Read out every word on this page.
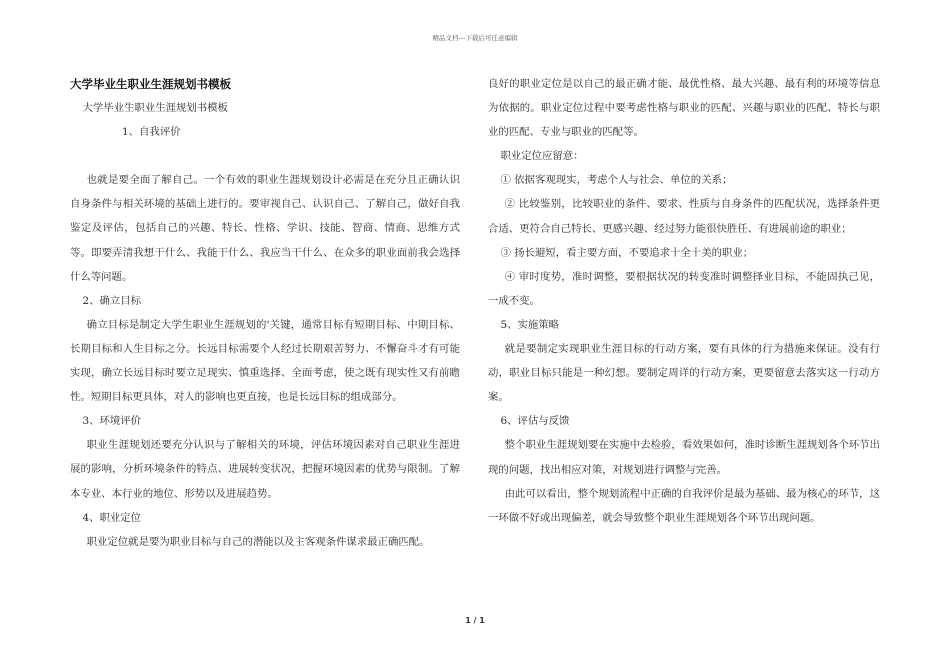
精品文档---下载后可任意编辑

大学毕业生职业生涯规划书模板

大学毕业生职业生涯规划书模板

1、自我评价

也就是要全面了解自己。一个有效的职业生涯规划设计必需是在充分且正确认识自身条件与相关环境的基础上进行的。要审视自己、认识自己、了解自己，做好自我鉴定及评估，包括自己的兴趣、特长、性格、学识、技能、智商、情商、思维方式等。即要弄清我想干什么、我能干什么、我应当干什么、在众多的职业面前我会选择什么等问题。

2、确立目标

确立目标是制定大学生职业生涯规划的'关键，通常目标有短期目标、中期目标、长期目标和人生目标之分。长远目标需要个人经过长期艰苦努力、不懈奋斗才有可能实现，确立长远目标时要立足现实、慎重选择、全面考虑，使之既有现实性又有前瞻性。短期目标更具体，对人的影响也更直接，也是长远目标的组成部分。

3、环境评价

职业生涯规划还要充分认识与了解相关的环境，评估环境因素对自己职业生涯进展的影响，分析环境条件的特点、进展转变状况，把握环境因素的优势与限制。了解本专业、本行业的地位、形势以及进展趋势。

4、职业定位

职业定位就是要为职业目标与自己的潜能以及主客观条件谋求最正确匹配。

良好的职业定位是以自己的最正确才能、最优性格、最大兴趣、最有利的环境等信息为依据的。职业定位过程中要考虑性格与职业的匹配、兴趣与职业的匹配、特长与职业的匹配、专业与职业的匹配等。

职业定位应留意：

① 依据客观现实，考虑个人与社会、单位的关系；

② 比较鉴别，比较职业的条件、要求、性质与自身条件的匹配状况，选择条件更合适、更符合自己特长、更感兴趣、经过努力能很快胜任、有进展前途的职业；

③ 扬长避短，看主要方面，不要追求十全十美的职业；

④ 审时度势，准时调整，要根据状况的转变准时调整择业目标，不能固执己见，一成不变。

5、实施策略

就是要制定实现职业生涯目标的行动方案，要有具体的行为措施来保证。没有行动，职业目标只能是一种幻想。要制定周详的行动方案，更要留意去落实这一行动方案。

6、评估与反馈

整个职业生涯规划要在实施中去检验，看效果如何，准时诊断生涯规划各个环节出现的问题，找出相应对策，对规划进行调整与完善。

由此可以看出，整个规划流程中正确的自我评价是最为基础、最为核心的环节，这一环做不好或出现偏差，就会导致整个职业生涯规划各个环节出现问题。

1 / 1
